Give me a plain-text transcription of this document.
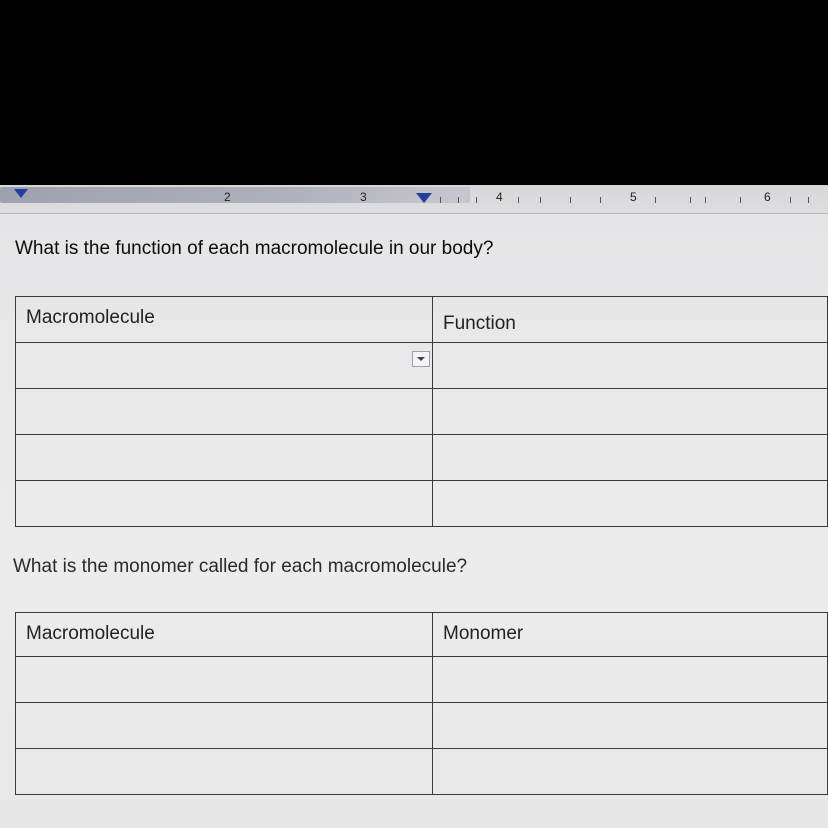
2	3	4	5	6
What is the function of each macromolecule in our body?
Macromolecule	Function

What is the monomer called for each macromolecule?
Macromolecule	Monomer
